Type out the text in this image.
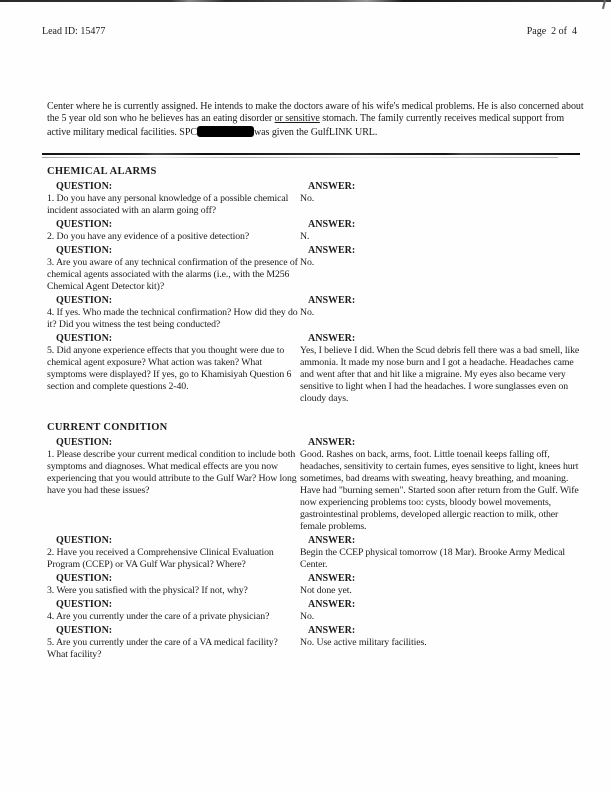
Lead ID: 15477	Page  2 of  4
Center where he is currently assigned. He intends to make the doctors aware of his wife's medical problems. He is also concerned about the 5 year old son who he believes has an eating disorder or sensitive stomach. The family currently receives medical support from active military medical facilities. SPC	was given the GulfLINK URL.
CHEMICAL ALARMS
QUESTION:
1. Do you have any personal knowledge of a possible chemical incident associated with an alarm going off?
ANSWER:
No.
QUESTION:
2. Do you have any evidence of a positive detection?
ANSWER:
N.
QUESTION:
3. Are you aware of any technical confirmation of the presence of chemical agents associated with the alarms (i.e., with the M256 Chemical Agent Detector kit)?
ANSWER:
No.
QUESTION:
4. If yes. Who made the technical confirmation? How did they do it? Did you witness the test being conducted?
ANSWER:
No.
QUESTION:
5. Did anyone experience effects that you thought were due to chemical agent exposure? What action was taken? What symptoms were displayed? If yes, go to Khamisiyah Question 6 section and complete questions 2-40.
ANSWER:
Yes, I believe I did. When the Scud debris fell there was a bad smell, like ammonia. It made my nose burn and I got a headache. Headaches came and went after that and hit like a migraine. My eyes also became very sensitive to light when I had the headaches. I wore sunglasses even on cloudy days.
CURRENT CONDITION
QUESTION:
1. Please describe your current medical condition to include both symptoms and diagnoses. What medical effects are you now experiencing that you would attribute to the Gulf War? How long have you had these issues?
ANSWER:
Good. Rashes on back, arms, foot. Little toenail keeps falling off, headaches, sensitivity to certain fumes, eyes sensitive to light, knees hurt sometimes, bad dreams with sweating, heavy breathing, and moaning. Have had "burning semen". Started soon after return from the Gulf. Wife now experiencing problems too: cysts, bloody bowel movements, gastrointestinal problems, developed allergic reaction to milk, other female problems.
QUESTION:
2. Have you received a Comprehensive Clinical Evaluation Program (CCEP) or VA Gulf War physical? Where?
ANSWER:
Begin the CCEP physical tomorrow (18 Mar). Brooke Army Medical Center.
QUESTION:
3. Were you satisfied with the physical? If not, why?
ANSWER:
Not done yet.
QUESTION:
4. Are you currently under the care of a private physician?
ANSWER:
No.
QUESTION:
5. Are you currently under the care of a VA medical facility? What facility?
ANSWER:
No. Use active military facilities.
